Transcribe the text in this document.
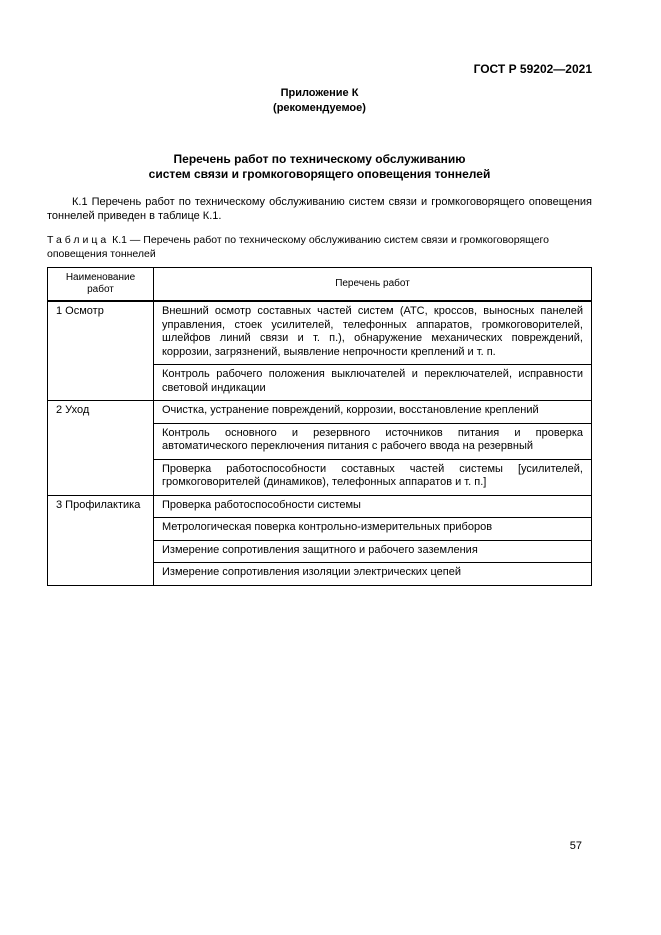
ГОСТ Р 59202—2021
Приложение К
(рекомендуемое)
Перечень работ по техническому обслуживанию
систем связи и громкоговорящего оповещения тоннелей
К.1 Перечень работ по техническому обслуживанию систем связи и громкоговорящего оповещения тоннелей приведен в таблице К.1.
Таблица К.1 — Перечень работ по техническому обслуживанию систем связи и громкоговорящего оповещения тоннелей
Наименование работ	Перечень работ
1 Осмотр	Внешний осмотр составных частей систем (АТС, кроссов, выносных панелей управления, стоек усилителей, телефонных аппаратов, громкоговорителей, шлейфов линий связи и т. п.), обнаружение механических повреждений, коррозии, загрязнений, выявление непрочности креплений и т. п.
	Контроль рабочего положения выключателей и переключателей, исправности световой индикации
2 Уход	Очистка, устранение повреждений, коррозии, восстановление креплений
	Контроль основного и резервного источников питания и проверка автоматического переключения питания с рабочего ввода на резервный
	Проверка работоспособности составных частей системы [усилителей, громкоговорителей (динамиков), телефонных аппаратов и т. п.]
3 Профилактика	Проверка работоспособности системы
	Метрологическая поверка контрольно-измерительных приборов
	Измерение сопротивления защитного и рабочего заземления
	Измерение сопротивления изоляции электрических цепей
57
